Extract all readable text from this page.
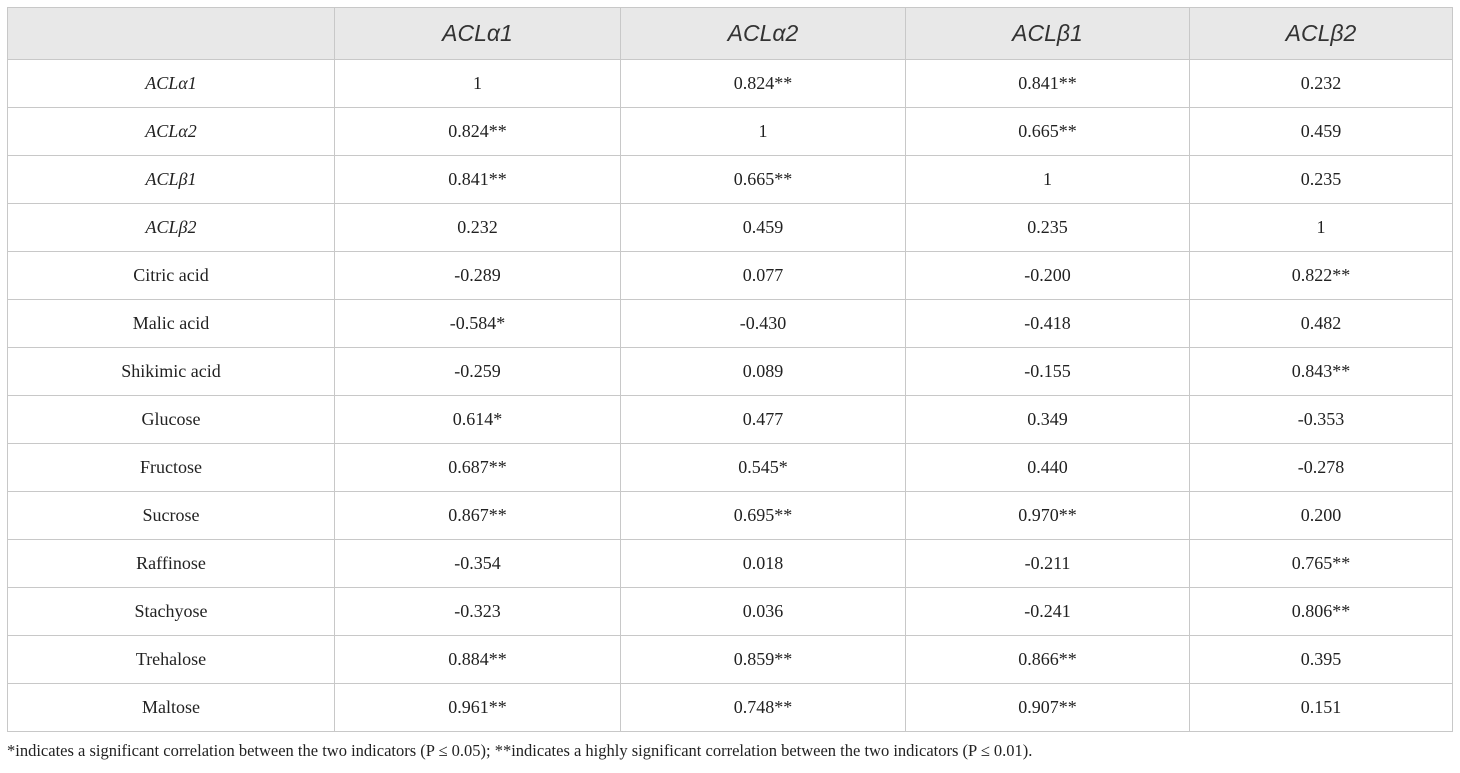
	ACLα1	ACLα2	ACLβ1	ACLβ2
ACLα1	1	0.824**	0.841**	0.232
ACLα2	0.824**	1	0.665**	0.459
ACLβ1	0.841**	0.665**	1	0.235
ACLβ2	0.232	0.459	0.235	1
Citric acid	-0.289	0.077	-0.200	0.822**
Malic acid	-0.584*	-0.430	-0.418	0.482
Shikimic acid	-0.259	0.089	-0.155	0.843**
Glucose	0.614*	0.477	0.349	-0.353
Fructose	0.687**	0.545*	0.440	-0.278
Sucrose	0.867**	0.695**	0.970**	0.200
Raffinose	-0.354	0.018	-0.211	0.765**
Stachyose	-0.323	0.036	-0.241	0.806**
Trehalose	0.884**	0.859**	0.866**	0.395
Maltose	0.961**	0.748**	0.907**	0.151
*indicates a significant correlation between the two indicators (P ≤ 0.05); **indicates a highly significant correlation between the two indicators (P ≤ 0.01).
